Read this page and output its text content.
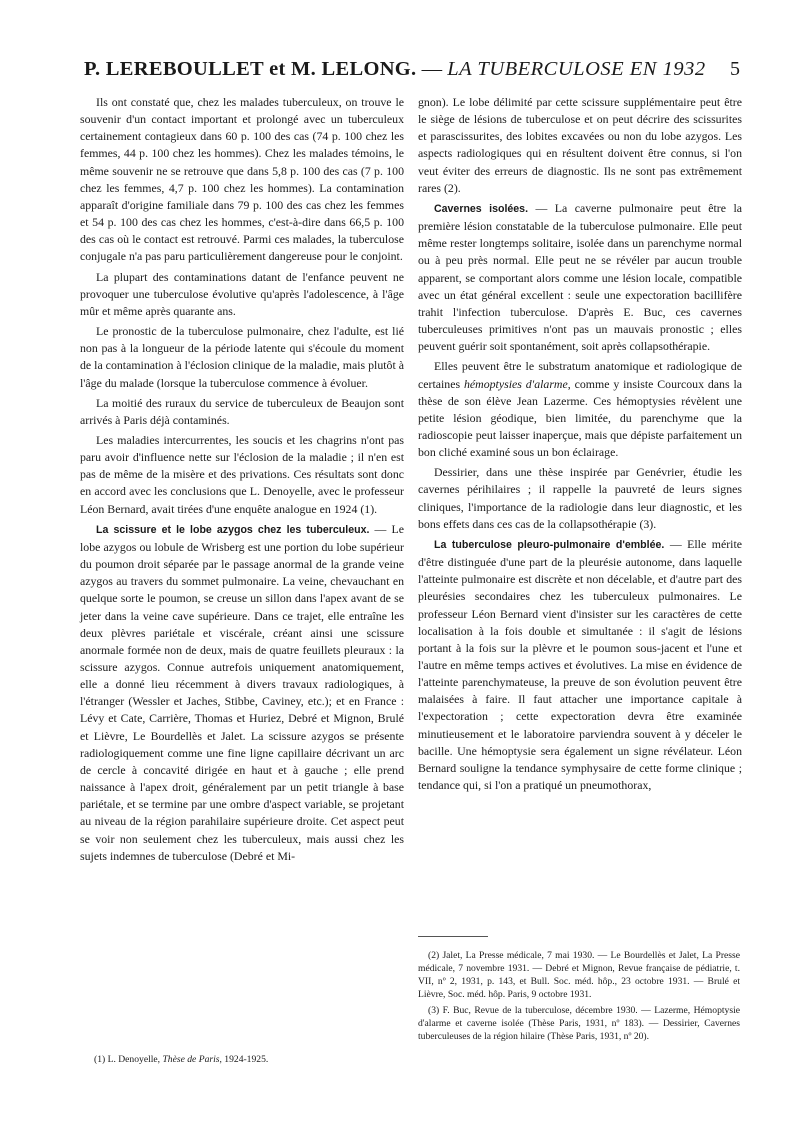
P. LEREBOULLET et M. LELONG. — LA TUBERCULOSE EN 1932 5

Ils ont constaté que, chez les malades tuberculeux, on trouve le souvenir d'un contact important et prolongé avec un tuberculeux certainement contagieux dans 60 p. 100 des cas (74 p. 100 chez les femmes, 44 p. 100 chez les hommes). Chez les malades témoins, le même souvenir ne se retrouve que dans 5,8 p. 100 des cas (7 p. 100 chez les femmes, 4,7 p. 100 chez les hommes). La contamination apparaît d'origine familiale dans 79 p. 100 des cas chez les femmes et 54 p. 100 des cas chez les hommes, c'est-à-dire dans 66,5 p. 100 des cas où le contact est retrouvé. Parmi ces malades, la tuberculose conjugale n'a pas paru particulièrement dangereuse pour le conjoint.

La plupart des contaminations datant de l'enfance peuvent ne provoquer une tuberculose évolutive qu'après l'adolescence, à l'âge mûr et même après quarante ans.

Le pronostic de la tuberculose pulmonaire, chez l'adulte, est lié non pas à la longueur de la période latente qui s'écoule du moment de la contamination à l'éclosion clinique de la maladie, mais plutôt à l'âge du malade (lorsque la tuberculose commence à évoluer.

La moitié des ruraux du service de tuberculeux de Beaujon sont arrivés à Paris déjà contaminés.

Les maladies intercurrentes, les soucis et les chagrins n'ont pas paru avoir d'influence nette sur l'éclosion de la maladie ; il n'en est pas de même de la misère et des privations. Ces résultats sont donc en accord avec les conclusions que L. Denoyelle, avec le professeur Léon Bernard, avait tirées d'une enquête analogue en 1924 (1).

La scissure et le lobe azygos chez les tuberculeux. — Le lobe azygos ou lobule de Wrisberg est une portion du lobe supérieur du poumon droit séparée par le passage anormal de la grande veine azygos au travers du sommet pulmonaire. La veine, chevauchant en quelque sorte le poumon, se creuse un sillon dans l'apex avant de se jeter dans la veine cave supérieure. Dans ce trajet, elle entraîne les deux plèvres pariétale et viscérale, créant ainsi une scissure anormale formée non de deux, mais de quatre feuillets pleuraux : la scissure azygos. Connue autrefois uniquement anatomiquement, elle a donné lieu récemment à divers travaux radiologiques, à l'étranger (Wessler et Jaches, Stibbe, Caviney, etc.); et en France : Lévy et Cate, Carrière, Thomas et Huriez, Debré et Mignon, Brulé et Lièvre, Le Bourdellès et Jalet. La scissure azygos se présente radiologiquement comme une fine ligne capillaire décrivant un arc de cercle à concavité dirigée en haut et à gauche ; elle prend naissance à l'apex droit, généralement par un petit triangle à base pariétale, et se termine par une ombre d'aspect variable, se projetant au niveau de la région parahilaire supérieure droite. Cet aspect peut se voir non seulement chez les tuberculeux, mais aussi chez les sujets indemnes de tuberculose (Debré et Mi-

gnon). Le lobe délimité par cette scissure supplémentaire peut être le siège de lésions de tuberculose et on peut décrire des scissurites et parascissurites, des lobites excavées ou non du lobe azygos. Les aspects radiologiques qui en résultent doivent être connus, si l'on veut éviter des erreurs de diagnostic. Ils ne sont pas extrêmement rares (2).

Cavernes isolées. — La caverne pulmonaire peut être la première lésion constatable de la tuberculose pulmonaire. Elle peut même rester longtemps solitaire, isolée dans un parenchyme normal ou à peu près normal. Elle peut ne se révéler par aucun trouble apparent, se comportant alors comme une lésion locale, compatible avec un état général excellent : seule une expectoration bacillifère trahit l'infection tuberculose. D'après E. Buc, ces cavernes tuberculeuses primitives n'ont pas un mauvais pronostic ; elles peuvent guérir soit spontanément, soit après collapsothérapie.

Elles peuvent être le substratum anatomique et radiologique de certaines hémoptysies d'alarme, comme y insiste Courcoux dans la thèse de son élève Jean Lazerme. Ces hémoptysies révèlent une petite lésion géodique, bien limitée, du parenchyme que la radioscopie peut laisser inaperçue, mais que dépiste parfaitement un bon cliché examiné sous un bon éclairage.

Dessirier, dans une thèse inspirée par Genévrier, étudie les cavernes périhilaires ; il rappelle la pauvreté de leurs signes cliniques, l'importance de la radiologie dans leur diagnostic, et les bons effets dans ces cas de la collapsothérapie (3).

La tuberculose pleuro-pulmonaire d'emblée. — Elle mérite d'être distinguée d'une part de la pleurésie autonome, dans laquelle l'atteinte pulmonaire est discrète et non décelable, et d'autre part des pleurésies secondaires chez les tuberculeux pulmonaires. Le professeur Léon Bernard vient d'insister sur les caractères de cette localisation à la fois double et simultanée : il s'agit de lésions portant à la fois sur la plèvre et le poumon sous-jacent et l'une et l'autre en même temps actives et évolutives. La mise en évidence de l'atteinte parenchymateuse, la preuve de son évolution peuvent être malaisées à faire. Il faut attacher une importance capitale à l'expectoration ; cette expectoration devra être examinée minutieusement et le laboratoire parviendra souvent à y déceler le bacille. Une hémoptysie sera également un signe révélateur. Léon Bernard souligne la tendance symphysaire de cette forme clinique ; tendance qui, si l'on a pratiqué un pneumothorax,

(2) Jalet, La Presse médicale, 7 mai 1930. — Le Bourdellès et Jalet, La Presse médicale, 7 novembre 1931. — Debré et Mignon, Revue française de pédiatrie, t. VII, nº 2, 1931, p. 143, et Bull. Soc. méd. hôp., 23 octobre 1931. — Brulé et Lièvre, Soc. méd. hôp. Paris, 9 octobre 1931.

(3) F. Buc, Revue de la tuberculose, décembre 1930. — Lazerme, Hémoptysie d'alarme et caverne isolée (Thèse Paris, 1931, nº 183). — Dessirier, Cavernes tuberculeuses de la région hilaire (Thèse Paris, 1931, nº 20).

(1) L. Denoyelle, Thèse de Paris, 1924-1925.
